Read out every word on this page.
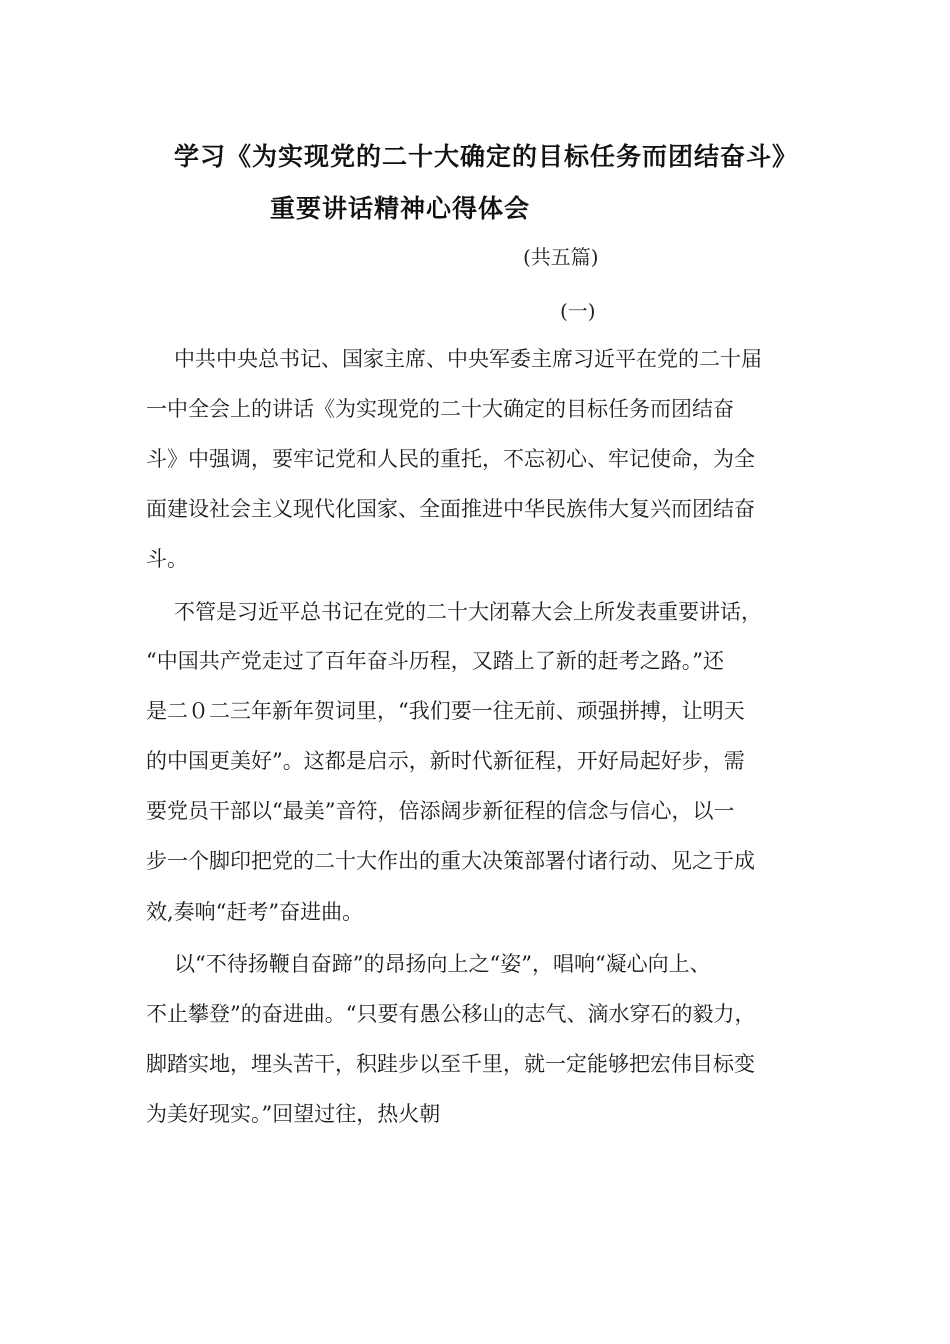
学习《为实现党的二十大确定的目标任务而团结奋斗》
重要讲话精神心得体会
(共五篇)
(一)
中共中央总书记、国家主席、中央军委主席习近平在党的二十届
一中全会上的讲话《为实现党的二十大确定的目标任务而团结奋
斗》中强调，要牢记党和人民的重托，不忘初心、牢记使命，为全
面建设社会主义现代化国家、全面推进中华民族伟大复兴而团结奋
斗。
不管是习近平总书记在党的二十大闭幕大会上所发表重要讲话，
“中国共产党走过了百年奋斗历程，又踏上了新的赶考之路。”还
是二０二三年新年贺词里，“我们要一往无前、顽强拼搏，让明天
的中国更美好”。这都是启示，新时代新征程，开好局起好步，需
要党员干部以“最美”音符，倍添阔步新征程的信念与信心，以一
步一个脚印把党的二十大作出的重大决策部署付诸行动、见之于成
效,奏响“赶考”奋进曲。
以“不待扬鞭自奋蹄”的昂扬向上之“姿”，唱响“凝心向上、
不止攀登”的奋进曲。“只要有愚公移山的志气、滴水穿石的毅力，
脚踏实地，埋头苦干，积跬步以至千里，就一定能够把宏伟目标变
为美好现实。”回望过往，热火朝
